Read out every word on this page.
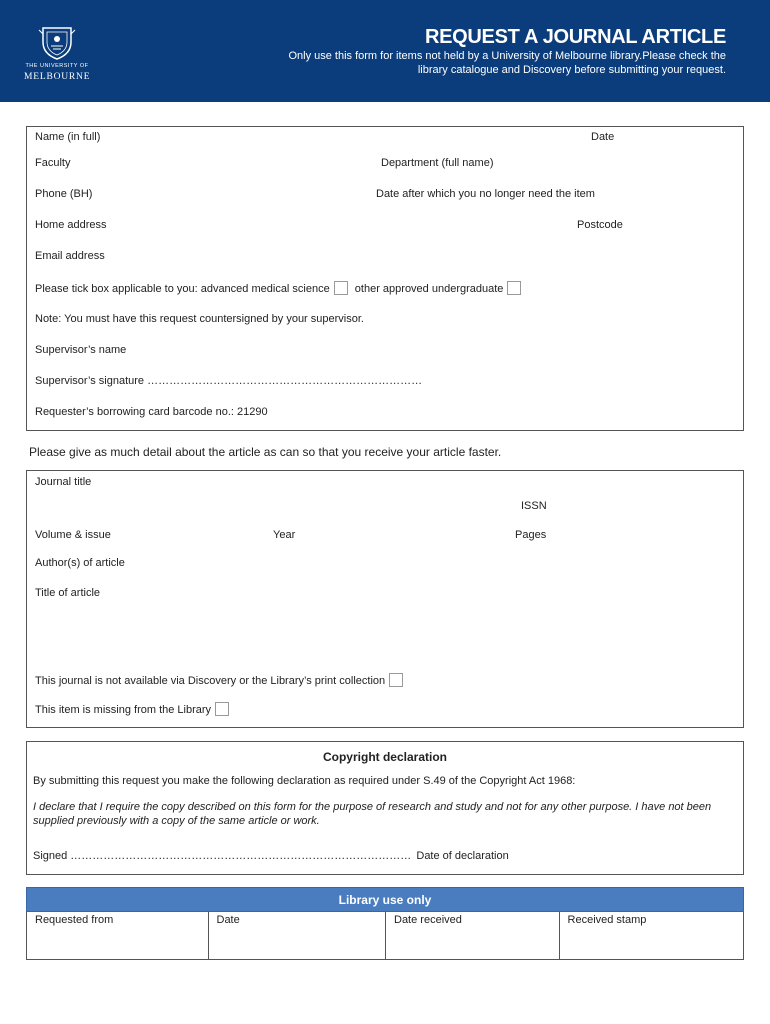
THE UNIVERSITY OF
MELBOURNE
REQUEST A JOURNAL ARTICLE
Only use this form for items not held by a University of Melbourne library.Please check the library catalogue and Discovery before submitting your request.
Name (in full)	Date
Faculty	Department (full name)
Phone (BH)	Date after which you no longer need the item
Home address	Postcode
Email address
Please tick box applicable to you: advanced medical science other approved undergraduate
Note: You must have this request countersigned by your supervisor.
Supervisor’s name
Supervisor’s signature …………………………………………………………………
Requester’s borrowing card barcode no.: 21290
Please give as much detail about the article as can so that you receive your article faster.
Journal title
ISSN
Volume & issue	Year	Pages
Author(s) of article
Title of article
This journal is not available via Discovery or the Library’s print collection
This item is missing from the Library
Copyright declaration
By submitting this request you make the following declaration as required under S.49 of the Copyright Act 1968:
I declare that I require the copy described on this form for the purpose of research and study and not for any other purpose. I have not been supplied previously with a copy of the same article or work.
Signed ………………………………………………………………………………… Date of declaration
Library use only
Requested from	Date	Date received	Received stamp
